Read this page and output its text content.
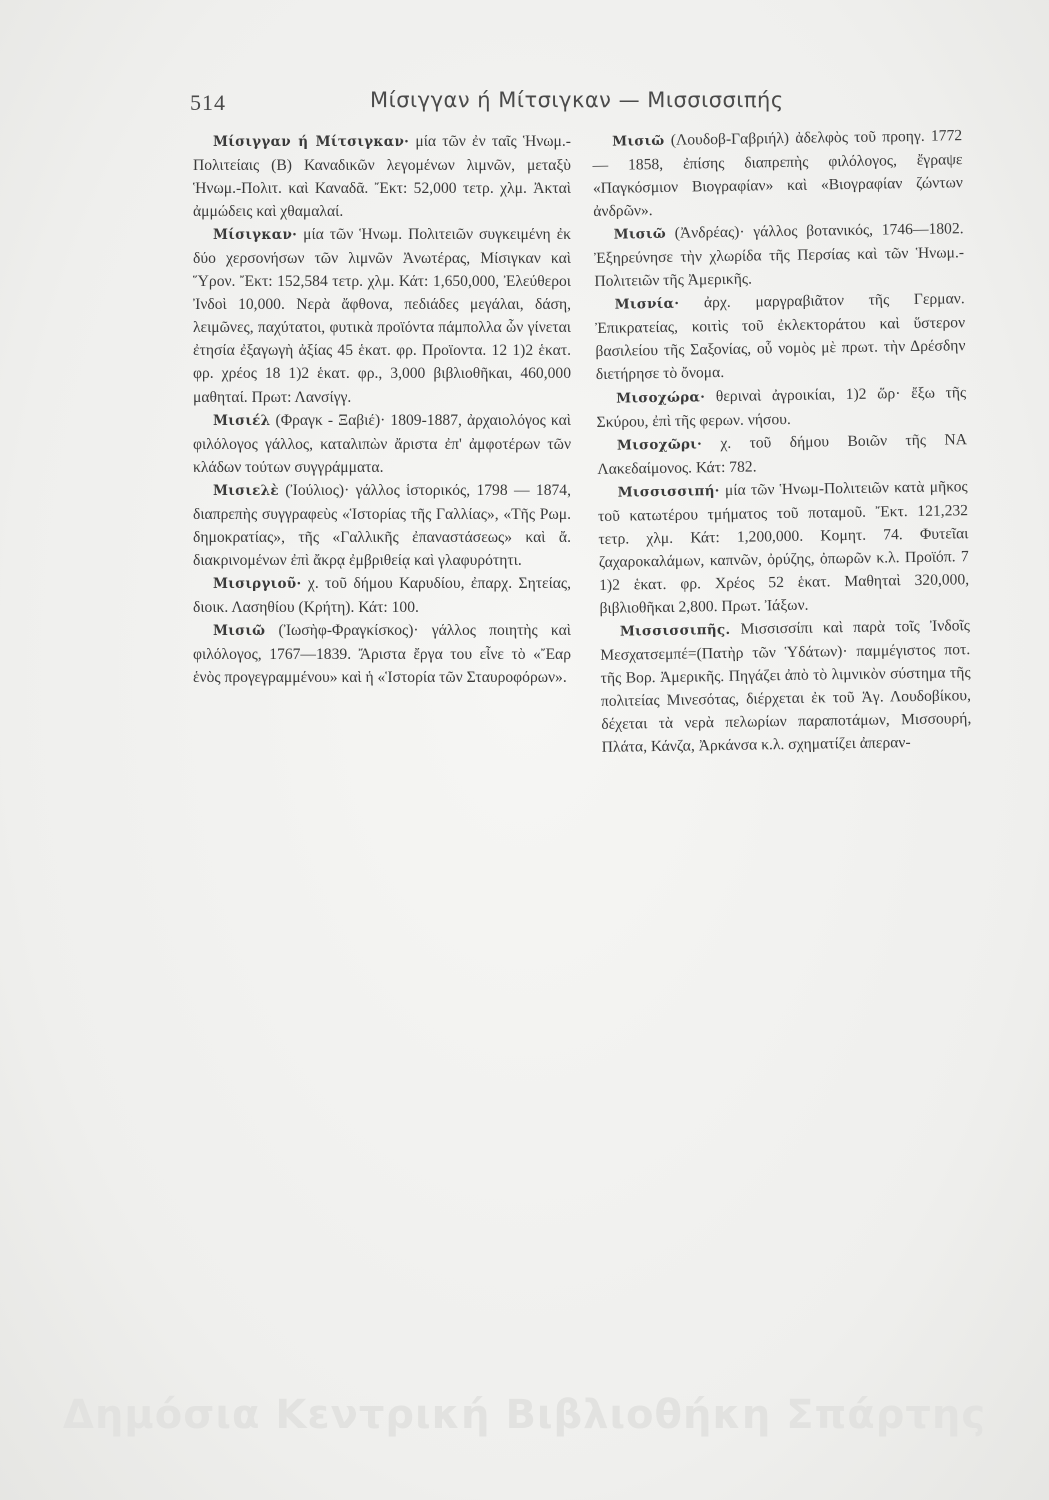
514	Μίσιγγαν ή Μίτσιγκαν — Μισσισσιπής

Μίσιγγαν ή Μίτσιγκαν· μία τῶν ἐν ταῖς Ἡνωμ.-Πολιτείαις (Β) Καναδικῶν λεγομένων λιμνῶν, μεταξὺ Ἡνωμ.-Πολιτ. καὶ Καναδᾶ. Ἔκτ: 52,000 τετρ. χλμ. Ἀκταὶ ἀμμώδεις καὶ χθαμαλαί.

Μίσιγκαν· μία τῶν Ἡνωμ. Πολιτειῶν συγκειμένη ἐκ δύο χερσονήσων τῶν λιμνῶν Ἀνωτέρας, Μίσιγκαν καὶ Ὕρον. Ἔκτ: 152,584 τετρ. χλμ. Κάτ: 1,650,000, Ἐλεύθεροι Ἰνδοὶ 10,000. Νερὰ ἄφθονα, πεδιάδες μεγάλαι, δάση, λειμῶνες, παχύτατοι, φυτικὰ προϊόντα πάμπολλα ὧν γίνεται ἐτησία ἐξαγωγὴ ἀξίας 45 ἑκατ. φρ. Προϊοντα. 12 1)2 ἑκατ. φρ. χρέος 18 1)2 ἑκατ. φρ., 3,000 βιβλιοθῆκαι, 460,000 μαθηταί. Πρωτ: Λανσίγγ.

Μισιέλ (Φραγκ - Ξαβιέ)· 1809-1887, ἀρχαιολόγος καὶ φιλόλογος γάλλος, καταλιπὼν ἄριστα ἐπ' ἀμφοτέρων τῶν κλάδων τούτων συγγράμματα.

Μισιελὲ (Ἰούλιος)· γάλλος ἱστορικός, 1798 — 1874, διαπρεπὴς συγγραφεὺς «Ἱστορίας τῆς Γαλλίας», «Τῆς Ρωμ. δημοκρατίας», τῆς «Γαλλικῆς ἐπαναστάσεως» καὶ ἄ. διακρινομένων ἐπὶ ἄκρᾳ ἐμβριθείᾳ καὶ γλαφυρότητι.

Μισιργιοῦ· χ. τοῦ δήμου Καρυδίου, ἐπαρχ. Σητείας, διοικ. Λασηθίου (Κρήτη). Κάτ: 100.

Μισιῶ (Ἰωσὴφ-Φραγκίσκος)· γάλλος ποιητὴς καὶ φιλόλογος, 1767—1839. Ἄριστα ἔργα του εἶνε τὸ «Ἔαρ ἑνὸς προγεγραμμένου» καὶ ἡ «Ἱστορία τῶν Σταυροφόρων».

Μισιῶ (Λουδοβ-Γαβριήλ) ἀδελφὸς τοῦ προηγ. 1772 — 1858, ἐπίσης διαπρεπὴς φιλόλογος, ἔγραψε «Παγκόσμιον Βιογραφίαν» καὶ «Βιογραφίαν ζώντων ἀνδρῶν».

Μισιῶ (Ἀνδρέας)· γάλλος βοτανικός, 1746—1802. Ἐξηρεύνησε τὴν χλωρίδα τῆς Περσίας καὶ τῶν Ἡνωμ.-Πολιτειῶν τῆς Ἀμερικῆς.

Μισνία· ἀρχ. μαργραβιᾶτον τῆς Γερμαν. Ἐπικρατείας, κοιτὶς τοῦ ἐκλεκτοράτου καὶ ὕστερον βασιλείου τῆς Σαξονίας, οὗ νομὸς μὲ πρωτ. τὴν Δρέσδην διετήρησε τὸ ὄνομα.

Μισοχώρα· θεριναὶ ἀγροικίαι, 1)2 ὥρ· ἔξω τῆς Σκύρου, ἐπὶ τῆς φερων. νήσου.

Μισοχῶρι· χ. τοῦ δήμου Βοιῶν τῆς ΝΑ Λακεδαίμονος. Κάτ: 782.

Μισσισσιπή· μία τῶν Ἡνωμ-Πολιτειῶν κατὰ μῆκος τοῦ κατωτέρου τμήματος τοῦ ποταμοῦ. Ἔκτ. 121,232 τετρ. χλμ. Κάτ: 1,200,000. Κομητ. 74. Φυτεῖαι ζαχαροκαλάμων, καπνῶν, ὀρύζης, ὀπωρῶν κ.λ. Προϊόπ. 7 1)2 ἑκατ. φρ. Χρέος 52 ἑκατ. Μαθηταὶ 320,000, βιβλιοθῆκαι 2,800. Πρωτ. Ἰάξων.

Μισσισσιπῆς. Μισσισσίπι καὶ παρὰ τοῖς Ἰνδοῖς Μεσχατσεμπέ=(Πατὴρ τῶν Ὑδάτων)· παμμέγιστος ποτ. τῆς Βορ. Ἀμερικῆς. Πηγάζει ἀπὸ τὸ λιμνικὸν σύστημα τῆς πολιτείας Μινεσότας, διέρχεται ἐκ τοῦ Ἁγ. Λουδοβίκου, δέχεται τὰ νερὰ πελωρίων παραποτάμων, Μισσουρή, Πλάτα, Κάνζα, Ἀρκάνσα κ.λ. σχηματίζει ἀπεραν-

Δημόσια Κεντρική Βιβλιοθήκη Σπάρτης
